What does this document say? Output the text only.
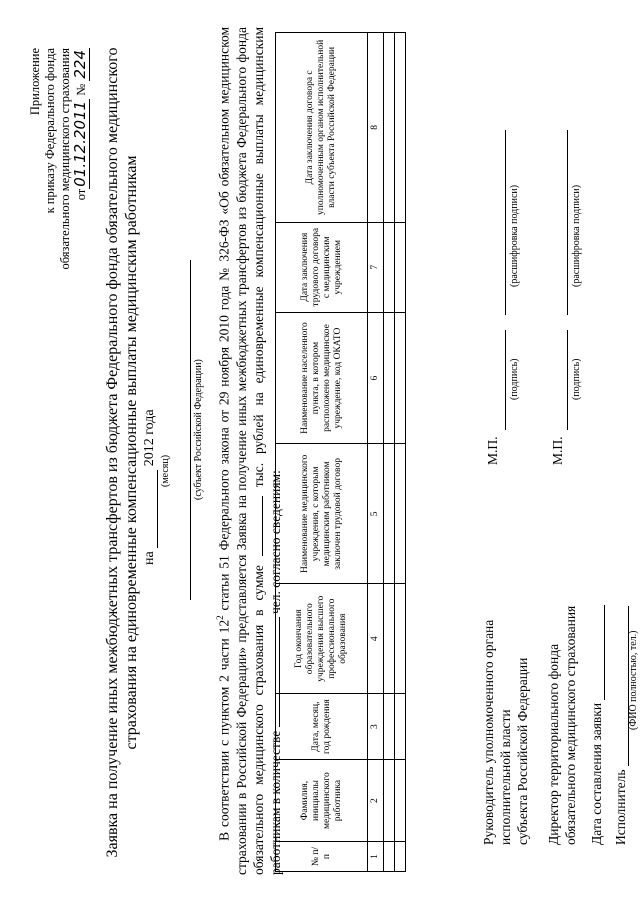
Приложение к приказу Федерального фонда обязательного медицинского страхования от01.12.2011 № 224 Заявка на получение иных межбюджетных трансфертов из бюджета Федерального фонда обязательного медицинского страхования на единовременные компенсационные выплаты медицинским работникам на  2012 года
(месяц) (субъект Российской Федерации)
В соответствии с пунктом 2 части $12^2$ статьи 51 Федерального закона от 29 ноября 2010 года № 326-ФЗ «Об обязательном медицинском страховании в Российской Федерации» представляется Заявка на получение иных межбюджетных трансфертов из бюджета Федерального фонда обязательного медицинского страхования в сумме  тыс. рублей на единовременные компенсационные выплаты медицинским работникам в количестве  чел. согласно сведениям:
№ п/п	Фамилия, инициалы медицинского работника	Дата, месяц, год рождения	Год окончания образовательного учреждения высшего профессионального образования	Наименование медицинского учреждения, с которым медицинским работником заключен трудовой договор	Наименование населенного пункта, в котором расположено медицинское учреждение, код ОКАТО	Дата заключения трудового договора с медицинским учреждением	Дата заключения договора с уполномоченным органом исполнительной власти субъекта Российской Федерации
1	2	3	4	5	6	7	8

Руководитель уполномоченного органа исполнительной власти субъекта Российской Федерации
М.П.
(подпись)
(расшифровка подписи)
Директор территориального фонда обязательного медицинского страхования
М.П.
(подпись)
(расшифровка подписи)
Дата составления заявки Исполнитель
(ФИО полностью, тел.)
